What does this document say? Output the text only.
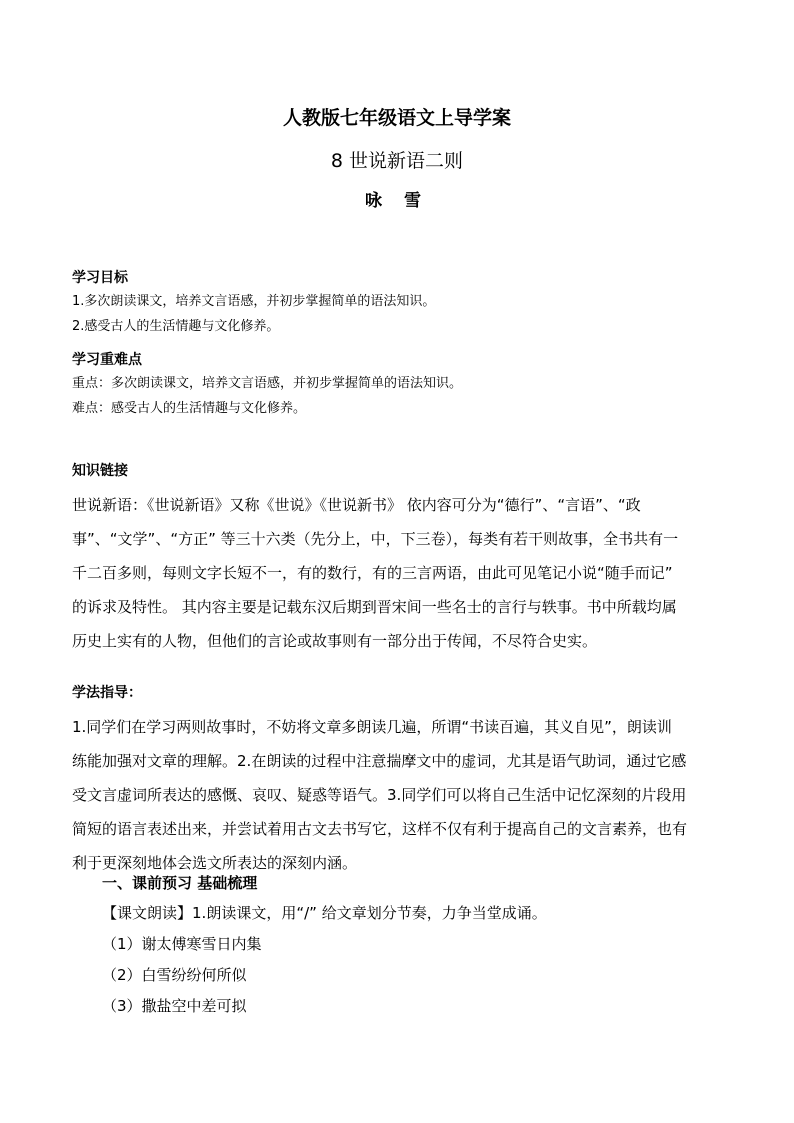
人教版七年级语文上导学案
8 世说新语二则
咏 雪

学习目标

1.多次朗读课文，培养文言语感，并初步掌握简单的语法知识。

2.感受古人的生活情趣与文化修养。

学习重难点

重点：多次朗读课文，培养文言语感，并初步掌握简单的语法知识。

难点：感受古人的生活情趣与文化修养。

知识链接

世说新语：《世说新语》又称《世说》《世说新书》 依内容可分为“德行”、“言语”、“政

事”、“文学”、“方正” 等三十六类（先分上，中，下三卷），每类有若干则故事，全书共有一

千二百多则，每则文字长短不一，有的数行，有的三言两语，由此可见笔记小说“随手而记”

的诉求及特性。 其内容主要是记载东汉后期到晋宋间一些名士的言行与轶事。书中所载均属

历史上实有的人物，但他们的言论或故事则有一部分出于传闻，不尽符合史实。

学法指导：

1.同学们在学习两则故事时，不妨将文章多朗读几遍，所谓“书读百遍，其义自见”，朗读训

练能加强对文章的理解。2.在朗读的过程中注意揣摩文中的虚词，尤其是语气助词，通过它感

受文言虚词所表达的感慨、哀叹、疑惑等语气。3.同学们可以将自己生活中记忆深刻的片段用

简短的语言表述出来，并尝试着用古文去书写它，这样不仅有利于提高自己的文言素养，也有

利于更深刻地体会选文所表达的深刻内涵。

一、课前预习 基础梳理

【课文朗读】1.朗读课文，用“/” 给文章划分节奏，力争当堂成诵。

（1）谢太傅寒雪日内集

（2）白雪纷纷何所似

（3）撒盐空中差可拟
